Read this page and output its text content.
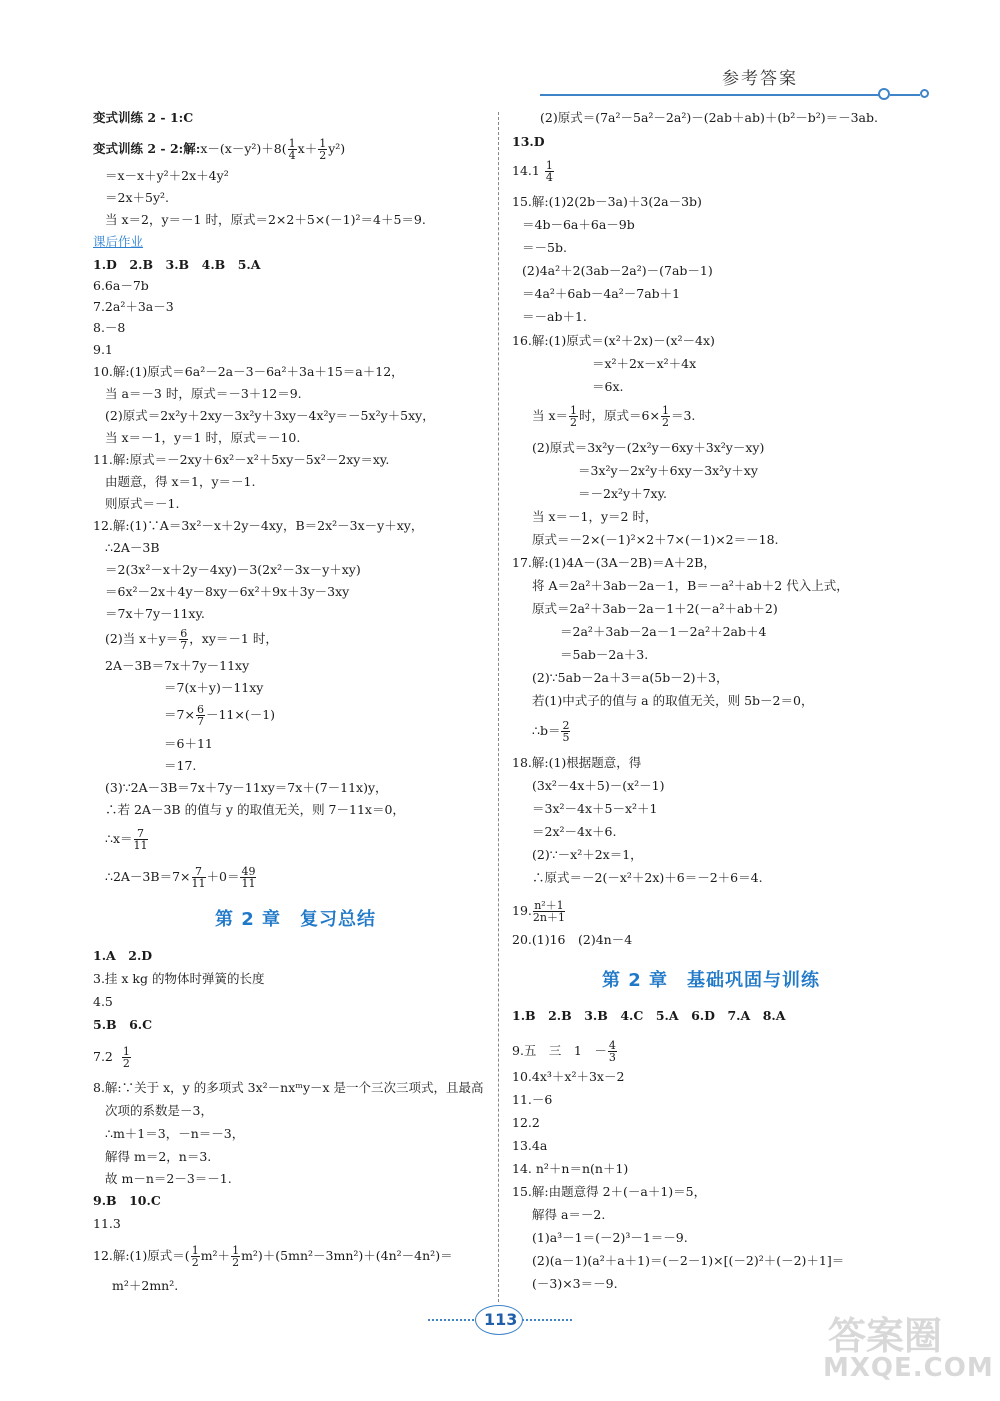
参考答案
变式训练 2 - 1:C
变式训练 2 - 2:解:x－(x－y²)＋8( $\frac{1}{4} x+ \frac{1}{2} y^2$)
＝x－x＋y²＋2x＋4y²
＝2x＋5y².
当 x＝2，y＝－1 时，原式＝2×2＋5×(－1)²＝4＋5＝9.
课后作业
1.D　2.B　3.B　4.B　5.A
6.6a－7b
7.2a²＋3a－3
8.－8
9.1
10.解:(1)原式＝6a²－2a－3－6a²＋3a＋15＝a＋12，
当 a＝－3 时，原式＝－3＋12＝9.
(2)原式＝2x²y＋2xy－3x²y＋3xy－4x²y＝－5x²y＋5xy，
当 x＝－1，y＝1 时，原式＝－10.
11.解:原式＝－2xy＋6x²－x²＋5xy－5x²－2xy＝xy.
由题意，得 x＝1，y＝－1.
则原式＝－1.
12.解:(1)∵A＝3x²－x＋2y－4xy，B＝2x²－3x－y＋xy，
∴2A－3B
＝2(3x²－x＋2y－4xy)－3(2x²－3x－y＋xy)
＝6x²－2x＋4y－8xy－6x²＋9x＋3y－3xy
＝7x＋7y－11xy.
(2)当 $x+y= \frac{6}{7}$ ，xy＝－1 时，
2A－3B＝7x＋7y－11xy
＝7(x＋y)－11xy
$=7\times \frac{6}{7} -11\times(-1)$
＝6＋11
＝17.
(3)∵2A－3B＝7x＋7y－11xy＝7x＋(7－11x)y，
∴若 2A－3B 的值与 y 的取值无关，则 7－11x＝0，
∴x＝ $\frac{7}{11}$
∴2A－3B＝7× $\frac{7}{11} +0= \frac{49}{11}$
第 2 章　复习总结
1.A　2.D
3.挂 x kg 的物体时弹簧的长度
4.5
5.B　6.C
$7.2 \frac{1}{2}$
8.解:∵关于 x，y 的多项式 3x²－nxᵐy－x 是一个三次三项式，且最高
次项的系数是－3，
∴m＋1＝3，－n＝－3，
解得 m＝2，n＝3.
故 m－n＝2－3＝－1.
9.B　10.C
11.3
12.解:(1)原式＝( $\frac{1}{2} m^2+ \frac{1}{2} m^2)+(5mn^2-3mn^2)+(4n^2-4n^2)=$
m²＋2mn².
(2)原式＝(7a²－5a²－2a²)－(2ab＋ab)＋(b²－b²)＝－3ab.
13.D
$14.1 \frac{1}{4}$
15.解:(1)2(2b－3a)＋3(2a－3b)
＝4b－6a＋6a－9b
＝－5b.
(2)4a²＋2(3ab－2a²)－(7ab－1)
＝4a²＋6ab－4a²－7ab＋1
＝－ab＋1.
16.解:(1)原式＝(x²＋2x)－(x²－4x)
＝x²＋2x－x²＋4x
＝6x.
当 $x= \frac{1}{2}$ 时，原式$=6\times \frac{1}{2} =3$.
(2)原式＝3x²y－(2x²y－6xy＋3x²y－xy)
＝3x²y－2x²y＋6xy－3x²y＋xy
＝－2x²y＋7xy.
当 x＝－1，y＝2 时，
原式＝－2×(－1)²×2＋7×(－1)×2＝－18.
17.解:(1)4A－(3A－2B)＝A＋2B，
将 A＝2a²＋3ab－2a－1，B＝－a²＋ab＋2 代入上式，
原式＝2a²＋3ab－2a－1＋2(－a²＋ab＋2)
＝2a²＋3ab－2a－1－2a²＋2ab＋4
＝5ab－2a＋3.
(2)∵5ab－2a＋3＝a(5b－2)＋3，
若(1)中式子的值与 a 的取值无关，则 5b－2＝0，
∴b＝ $\frac{2}{5}$
18.解:(1)根据题意，得
(3x²－4x＋5)－(x²－1)
＝3x²－4x＋5－x²＋1
＝2x²－4x＋6.
(2)∵－x²＋2x＝1，
∴原式＝－2(－x²＋2x)＋6＝－2＋6＝4.
19. $\frac{\text{n²＋1}}{2n+1}$
20.(1)16　(2)4n－4
第 2 章　基础巩固与训练
1.B　2.B　3.B　4.C　5.A　6.D　7.A　8.A
9.五　三　1　－ $\frac{4}{3}$
10.4x³＋x²＋3x－2
11.－6
12.2
13.4a
14. n²＋n＝n(n＋1)
15.解:由题意得 2＋(－a＋1)＝5，
解得 a＝－2.
(1)a³－1＝(－2)³－1＝－9.
(2)(a－1)(a²＋a＋1)＝(－2－1)×[(－2)²＋(－2)＋1]＝
(－3)×3＝－9.
113	答案圈
MXQE.COM
